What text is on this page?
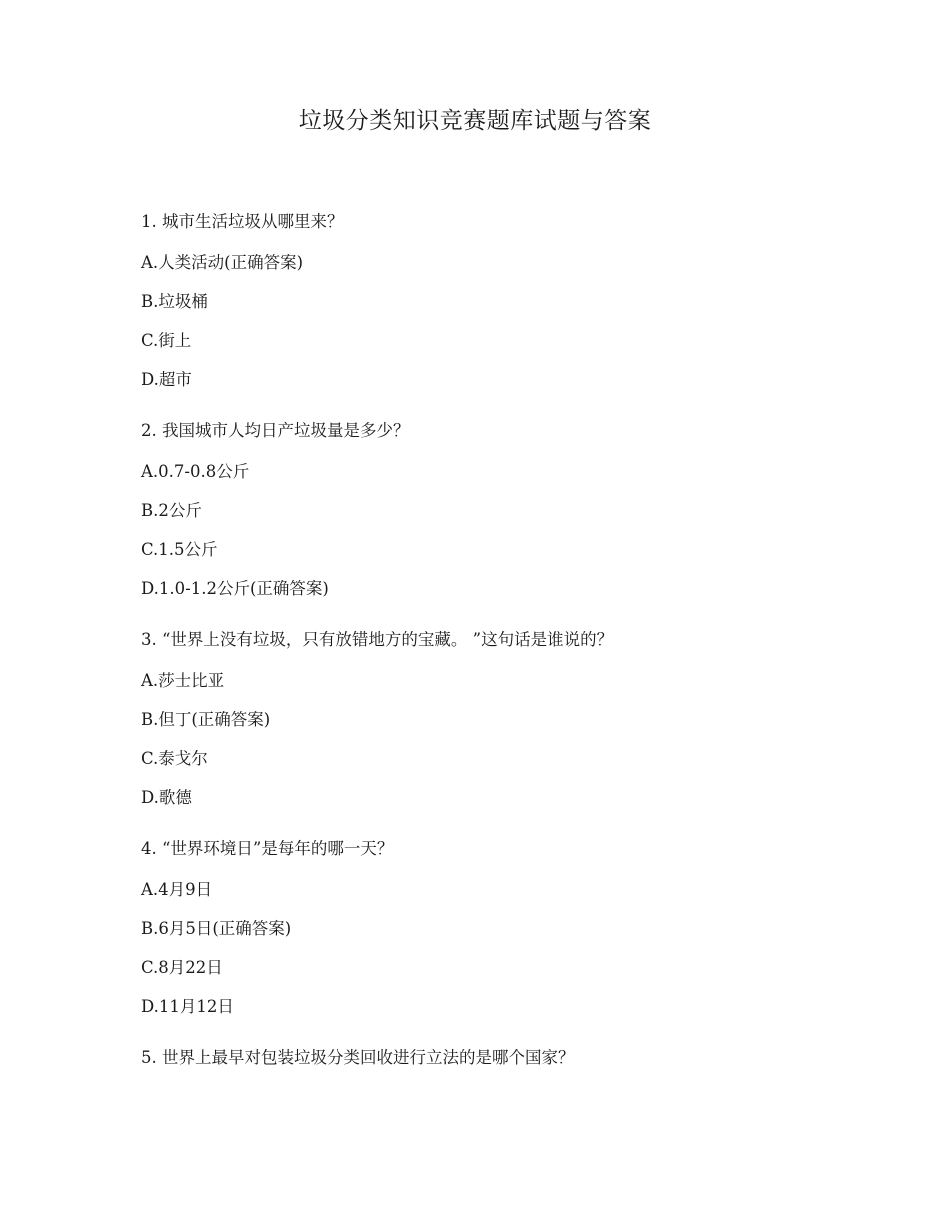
垃圾分类知识竞赛题库试题与答案
1. 城市生活垃圾从哪里来？
A.人类活动(正确答案)
B.垃圾桶
C.街上
D.超市
2. 我国城市人均日产垃圾量是多少？
A.0.7-0.8公斤
B.2公斤
C.1.5公斤
D.1.0-1.2公斤(正确答案)
3. “世界上没有垃圾，只有放错地方的宝藏。 ”这句话是谁说的？
A.莎士比亚
B.但丁(正确答案)
C.泰戈尔
D.歌德
4. “世界环境日”是每年的哪一天？
A.4月9日
B.6月5日(正确答案)
C.8月22日
D.11月12日
5. 世界上最早对包装垃圾分类回收进行立法的是哪个国家？
